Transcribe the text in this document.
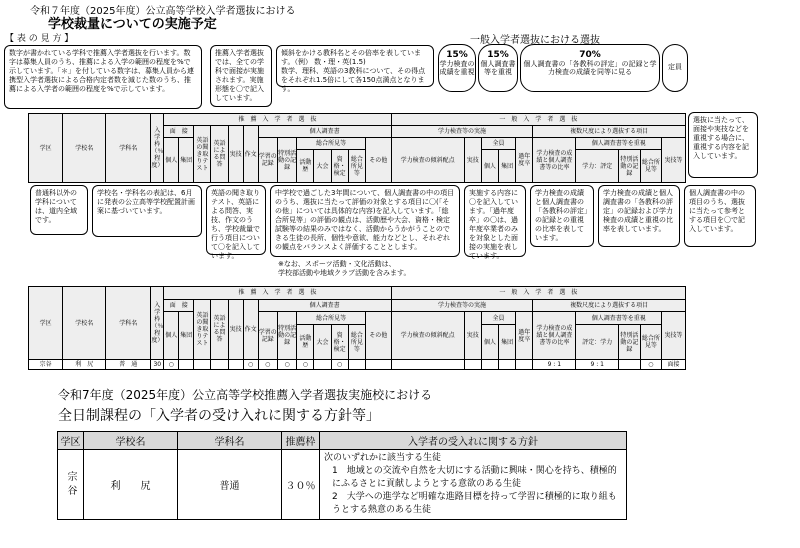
令和７年度（2025年度）公立高等学校入学者選抜における
学校裁量についての実施予定
【 表 の 見 方 】	一般入学者選抜における選抜
数字が書かれている学科で推薦入学者選抜を行います。数字は募集人員のうち、推薦による入学の範囲の程度を%で示しています。「＊」を付している数字は、募集人員から連携型入学者選抜による合格内定者数を減じた数のうち、推薦による入学者の範囲の程度を%で示しています。
推薦入学者選抜では、全ての学科で面接が実施されます。実施形態を〇で記入しています。
傾斜をかける教科名とその倍率を表しています。（例） 数・理・英(1.5)
数学、理科、英語の3教科について、その得点をそれぞれ1.5倍にして各150点満点となります。
選抜に当たって、面接や実技などを重視する場合に、重視する内容を記入しています。
15%
学力検査の成績を重視
15%
個人調査書等を重視
70%
個人調査書の「各教科の評定」の記録と学力検査の成績を同等に見る
定員
学区	学校名	学科名	入学枠（％程度）	推　薦　入　学　者　選　抜													一　般　入　学　者　選　抜									
				面　接		英語の聞き取りテスト	英語による問答	実技	作文	個人調査書							学力検査等の実施					複数尺度により選抜する項目				
				個人	集団					学習の記録	特別活動の記録	総合所見等				その他	学力検査の傾斜配点	実技	全員		過年度卒	学力検査の成績と個人調査書等の比率	個人調査書等を重視			実技等
												活動歴	大会	資格・検定	総合所見等				個人	集団			学力：評定	特別活動の記録	総合所見等	
普通科以外の学科については、道内全域です。
学校名・学科名の表記は、6月に発表の公立高等学校配置計画案に基づいています。
英語の聞き取りテスト、英語による問答、実技、作文のうち、学校裁量で行う項目について〇を記入しています。
中学校で過ごした3年間について、個人調査書の中の項目のうち、選抜に当たって評価の対象とする項目に〇(「その他」については具体的な内容)を記入しています。「総合所見等」の評価の観点は、活動歴や大会、資格・検定試験等の結果のみではなく、活動からうかがうことのできる生徒の長所、個性や意欲、能力などとし、それぞれの観点をバランスよく評価することとします。
実施する内容に〇を記入しています。「過年度卒」の〇は、過年度卒業者のみを対象とした面接の実施を表しています。
学力検査の成績と個人調査書の「各教科の評定」の記録との重視の比率を表しています。
学力検査の成績と個人調査書の「各教科の評定」の記録および学力検査の成績と重視の比率を表しています。
個人調査書の中の項目のうち、選抜に当たって参考とする項目を〇で記入しています。
※なお、スポーツ活動・文化活動は、
学校部活動や地域クラブ活動を含みます。
学区	学校名	学科名	入学枠（％程度）	推　薦　入　学　者　選　抜													一　般　入　学　者　選　抜									
				面　接		英語の聞き取りテスト	英語による問答	実技	作文	個人調査書							学力検査等の実施					複数尺度により選抜する項目				
				個人	集団					学習の記録	特別活動の記録	総合所見等				その他	学力検査の傾斜配点	実技	全員		過年度卒	学力検査の成績と個人調査書等の比率	個人調査書等を重視			実技等
												活動歴	大会	資格・検定	総合所見等				個人	集団			評定：学力	特別活動の記録	総合所見等	
宗谷	利　尻	普　通	30	○					○	○	○	○		○								9 : 1	9 : 1		○	面接
令和7年度（2025年度）公立高等学校推薦入学者選抜実施校における
全日制課程の「入学者の受け入れに関する方針等」
学区	学校名	学科名	推薦枠	入学者の受入れに関する方針
宗谷	利　　尻	普通	３０％	次のいずれかに該当する生徒
1　地域との交流や自然を大切にする活動に興味・関心を持ち、積極的にふるさとに貢献しようとする意欲のある生徒
2　大学への進学など明確な進路目標を持って学習に積極的に取り組もうとする熱意のある生徒
